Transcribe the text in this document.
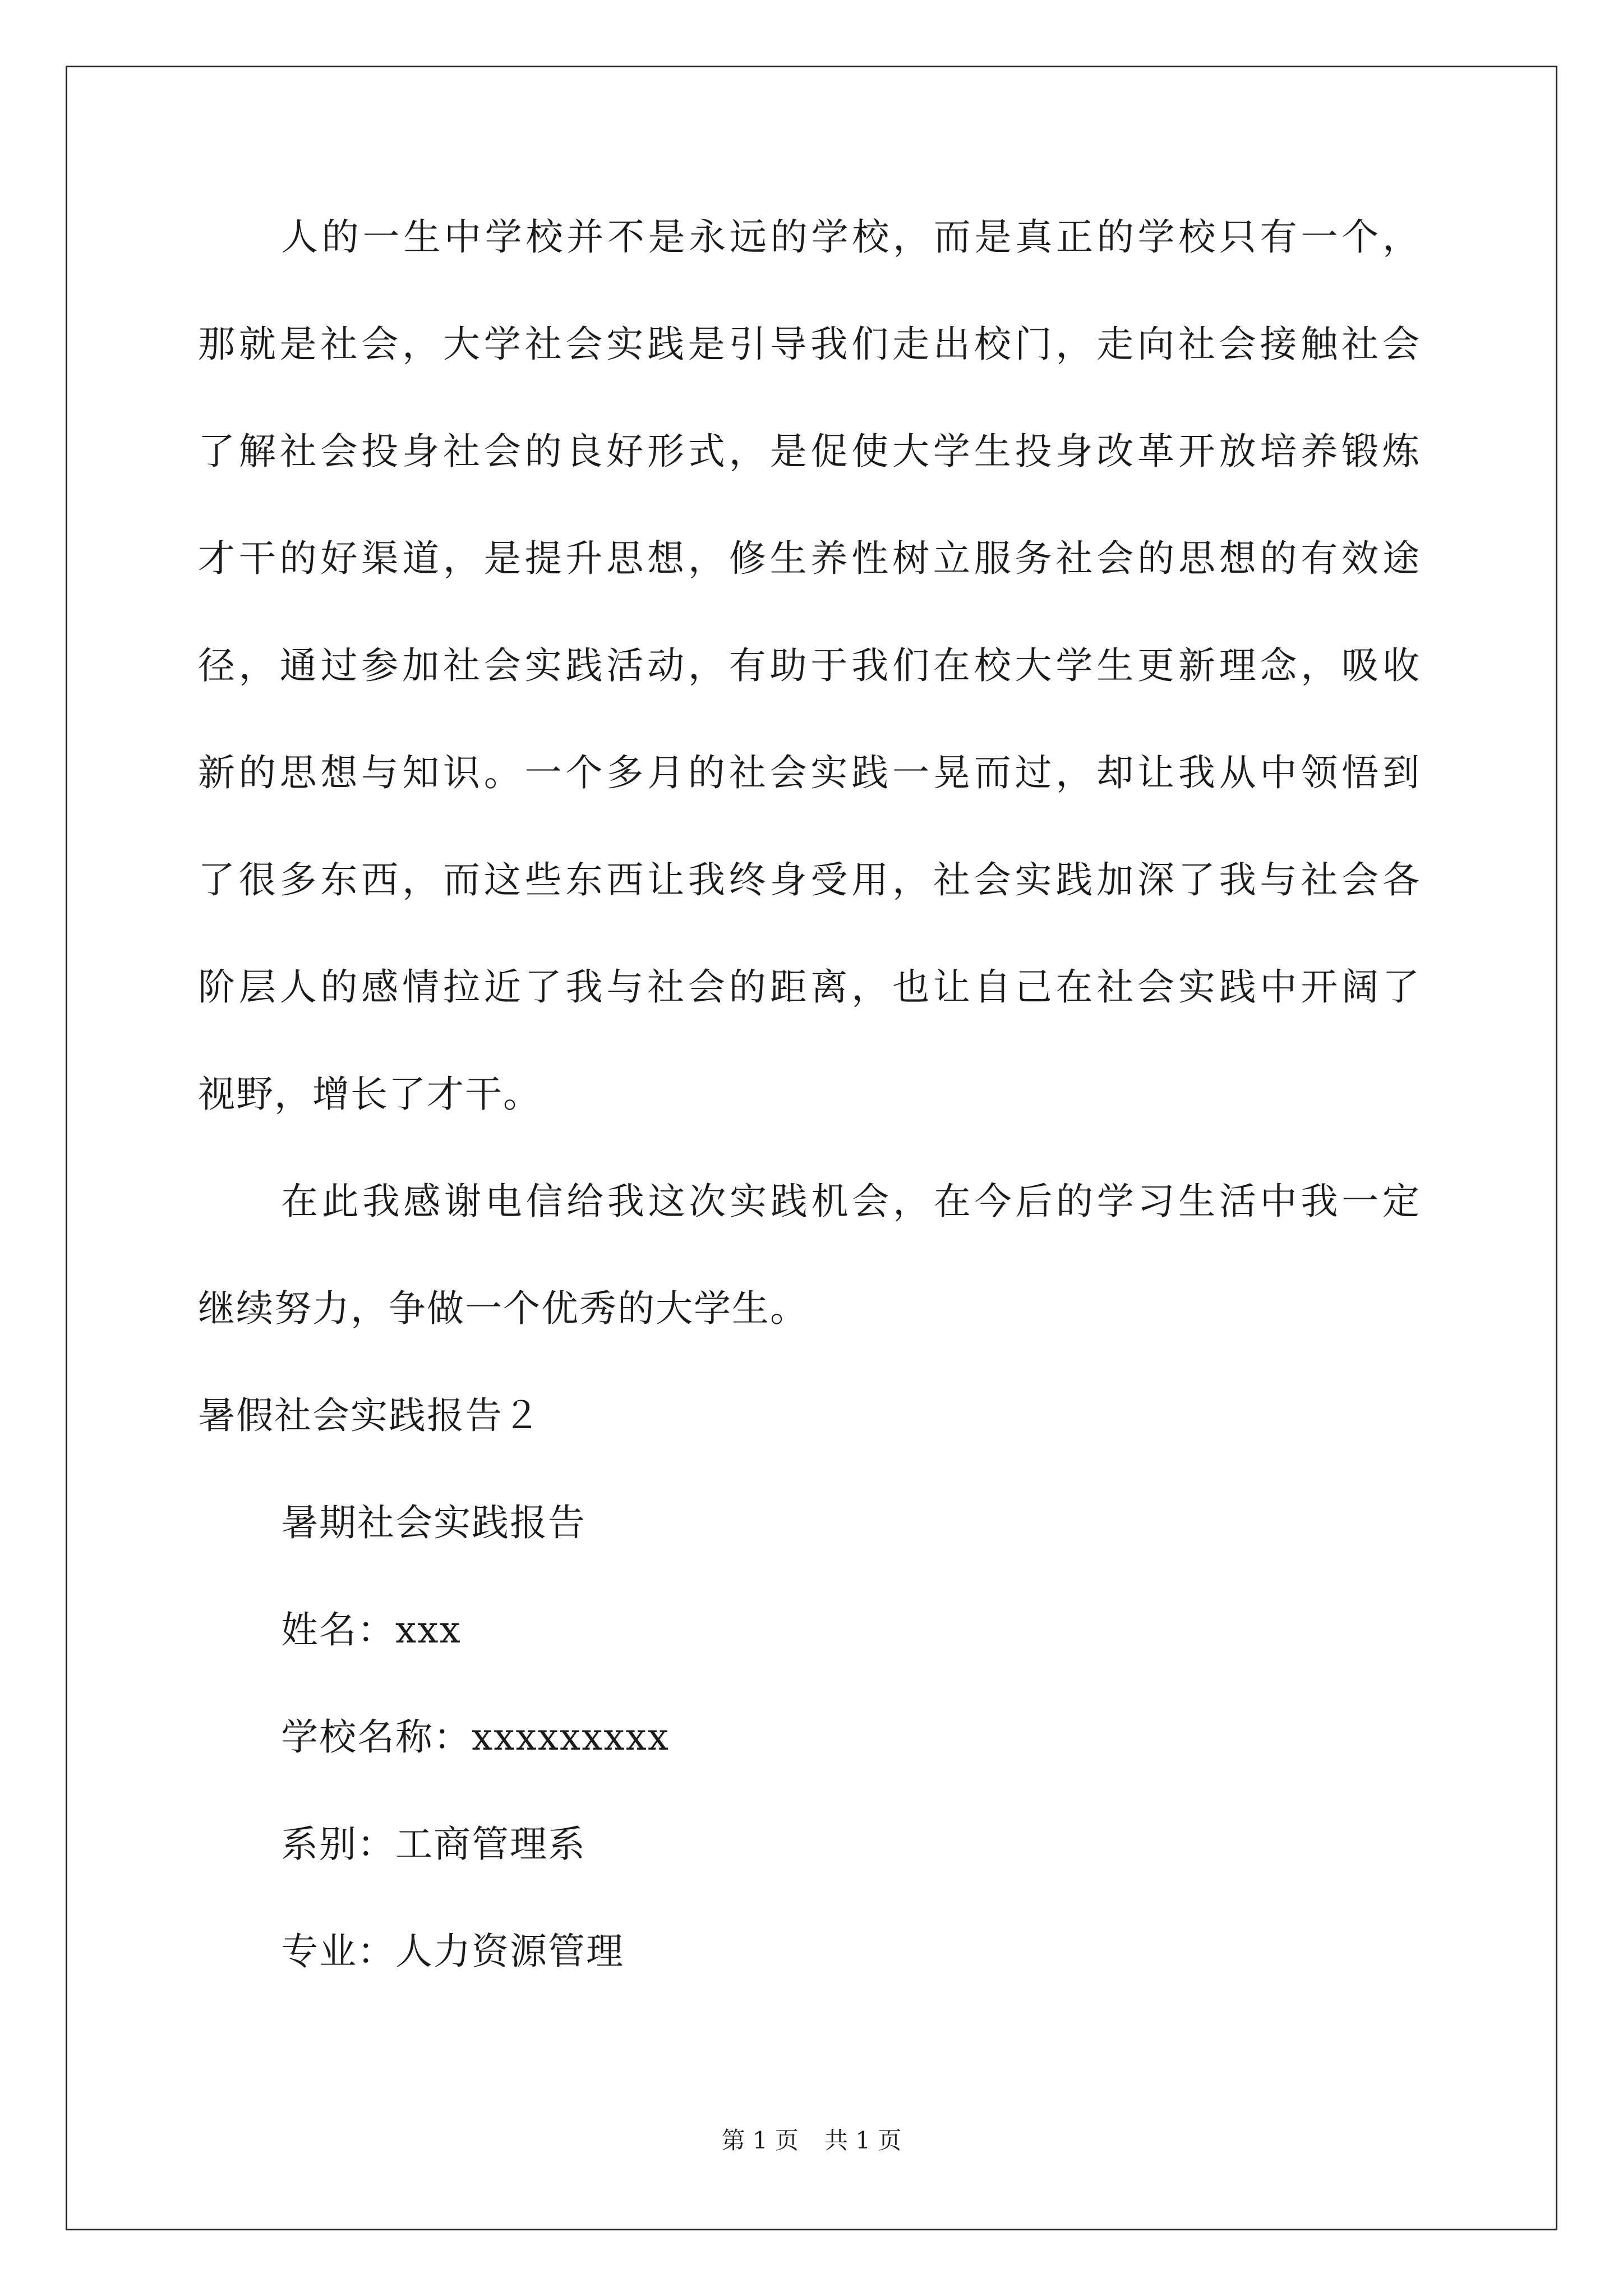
人的一生中学校并不是永远的学校，而是真正的学校只有一个，
那就是社会，大学社会实践是引导我们走出校门，走向社会接触社会
了解社会投身社会的良好形式，是促使大学生投身改革开放培养锻炼
才干的好渠道，是提升思想，修生养性树立服务社会的思想的有效途
径，通过参加社会实践活动，有助于我们在校大学生更新理念，吸收
新的思想与知识。一个多月的社会实践一晃而过，却让我从中领悟到
了很多东西，而这些东西让我终身受用，社会实践加深了我与社会各
阶层人的感情拉近了我与社会的距离，也让自己在社会实践中开阔了
视野，增长了才干。
在此我感谢电信给我这次实践机会，在今后的学习生活中我一定
继续努力，争做一个优秀的大学生。
暑假社会实践报告２
暑期社会实践报告
姓名：xxx
学校名称：xxxxxxxxx
系别：工商管理系
专业：人力资源管理
第 1 页 共 1 页
